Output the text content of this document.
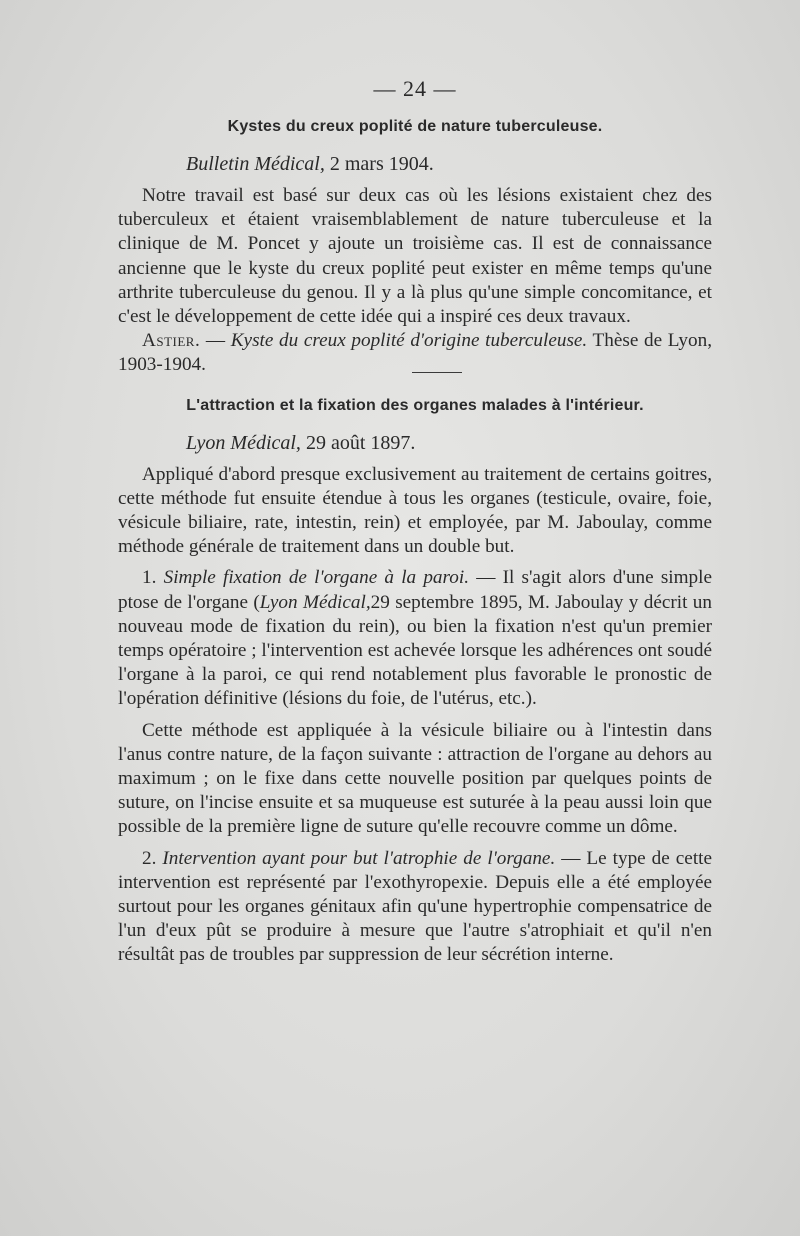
— 24 —
Kystes du creux poplité de nature tuberculeuse.
Bulletin Médical, 2 mars 1904.

Notre travail est basé sur deux cas où les lésions existaient chez des tuberculeux et étaient vraisemblablement de nature tuberculeuse et la clinique de M. Poncet y ajoute un troisième cas. Il est de connaissance ancienne que le kyste du creux poplité peut exister en même temps qu'une arthrite tuberculeuse du genou. Il y a là plus qu'une simple concomitance, et c'est le développement de cette idée qui a inspiré ces deux travaux.

Astier. — Kyste du creux poplité d'origine tuberculeuse. Thèse de Lyon, 1903-1904.

L'attraction et la fixation des organes malades à l'intérieur.
Lyon Médical, 29 août 1897.

Appliqué d'abord presque exclusivement au traitement de certains goitres, cette méthode fut ensuite étendue à tous les organes (testicule, ovaire, foie, vésicule biliaire, rate, intestin, rein) et employée, par M. Jaboulay, comme méthode générale de traitement dans un double but.

1. Simple fixation de l'organe à la paroi. — Il s'agit alors d'une simple ptose de l'organe (Lyon Médical,29 septembre 1895, M. Jaboulay y décrit un nouveau mode de fixation du rein), ou bien la fixation n'est qu'un premier temps opératoire ; l'intervention est achevée lorsque les adhérences ont soudé l'organe à la paroi, ce qui rend notablement plus favorable le pronostic de l'opération définitive (lésions du foie, de l'utérus, etc.).

Cette méthode est appliquée à la vésicule biliaire ou à l'intestin dans l'anus contre nature, de la façon suivante : attraction de l'organe au dehors au maximum ; on le fixe dans cette nouvelle position par quelques points de suture, on l'incise ensuite et sa muqueuse est suturée à la peau aussi loin que possible de la première ligne de suture qu'elle recouvre comme un dôme.

2. Intervention ayant pour but l'atrophie de l'organe. — Le type de cette intervention est représenté par l'exothyropexie. Depuis elle a été employée surtout pour les organes génitaux afin qu'une hypertrophie compensatrice de l'un d'eux pût se produire à mesure que l'autre s'atrophiait et qu'il n'en résultât pas de troubles par suppression de leur sécrétion interne.
